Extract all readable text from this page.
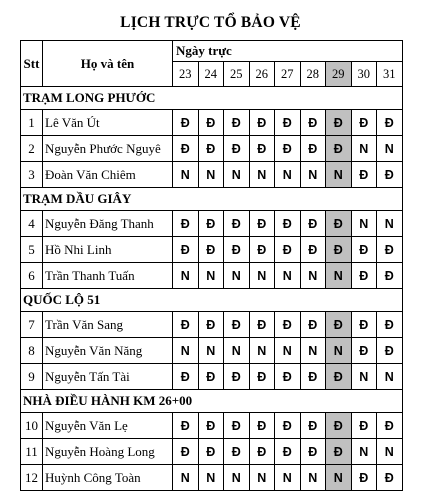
LỊCH TRỰC TỔ BẢO VỆ
Stt	Họ và tên	Ngày trực								
		23	24	25	26	27	28	29	30	31
TRẠM LONG PHƯỚC										
1	Lê Văn Út	Đ	Đ	Đ	Đ	Đ	Đ	Đ	Đ	Đ
2	Nguyễn Phước Nguyê	Đ	Đ	Đ	Đ	Đ	Đ	Đ	N	N
3	Đoàn Văn Chiêm	N	N	N	N	N	N	N	Đ	Đ
TRẠM DẦU GIÂY										
4	Nguyễn Đăng Thanh	Đ	Đ	Đ	Đ	Đ	Đ	Đ	N	N
5	Hồ Nhi Linh	Đ	Đ	Đ	Đ	Đ	Đ	Đ	Đ	Đ
6	Trần Thanh Tuấn	N	N	N	N	N	N	N	Đ	Đ
QUỐC LỘ 51										
7	Trần Văn Sang	Đ	Đ	Đ	Đ	Đ	Đ	Đ	Đ	Đ
8	Nguyễn Văn Năng	N	N	N	N	N	N	N	Đ	Đ
9	Nguyễn Tấn Tài	Đ	Đ	Đ	Đ	Đ	Đ	Đ	N	N
NHÀ ĐIỀU HÀNH KM 26+00										
10	Nguyễn Văn Lẹ	Đ	Đ	Đ	Đ	Đ	Đ	Đ	Đ	Đ
11	Nguyễn Hoàng Long	Đ	Đ	Đ	Đ	Đ	Đ	Đ	N	N
12	Huỳnh Công Toàn	N	N	N	N	N	N	N	Đ	Đ
